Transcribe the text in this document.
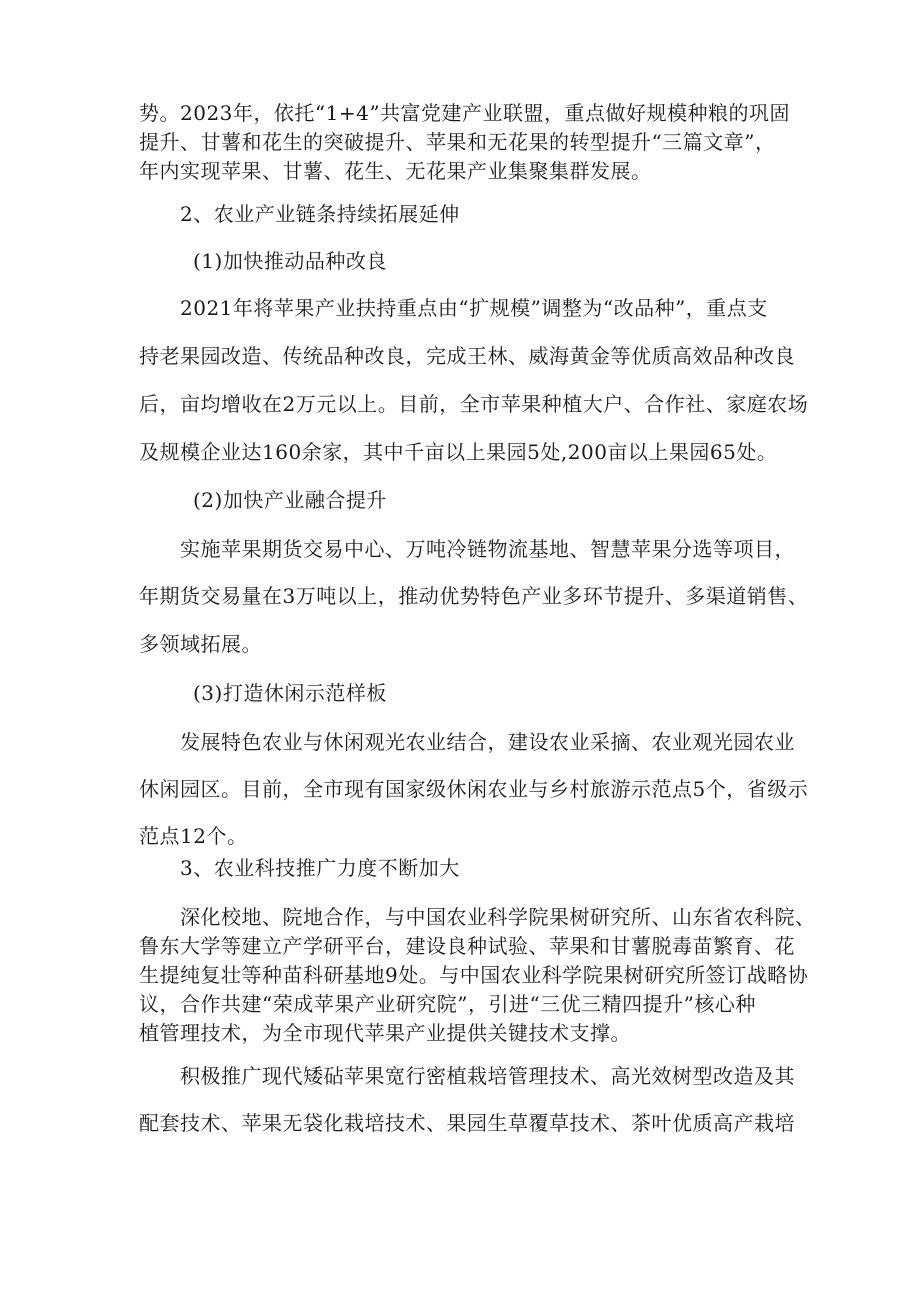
势。2023年，依托“1+4”共富党建产业联盟，重点做好规模种粮的巩固
提升、甘薯和花生的突破提升、苹果和无花果的转型提升“三篇文章”，
年内实现苹果、甘薯、花生、无花果产业集聚集群发展。
2、农业产业链条持续拓展延伸
(1)加快推动品种改良
2021年将苹果产业扶持重点由“扩规模”调整为“改品种”，重点支
持老果园改造、传统品种改良，完成王林、威海黄金等优质高效品种改良
后，亩均增收在2万元以上。目前，全市苹果种植大户、合作社、家庭农场
及规模企业达160余家，其中千亩以上果园5处,200亩以上果园65处。
(2)加快产业融合提升
实施苹果期货交易中心、万吨冷链物流基地、智慧苹果分选等项目，
年期货交易量在3万吨以上，推动优势特色产业多环节提升、多渠道销售、
多领域拓展。
(3)打造休闲示范样板
发展特色农业与休闲观光农业结合，建设农业采摘、农业观光园农业
休闲园区。目前，全市现有国家级休闲农业与乡村旅游示范点5个，省级示
范点12个。
3、农业科技推广力度不断加大
深化校地、院地合作，与中国农业科学院果树研究所、山东省农科院、
鲁东大学等建立产学研平台，建设良种试验、苹果和甘薯脱毒苗繁育、花
生提纯复壮等种苗科研基地9处。与中国农业科学院果树研究所签订战略协
议，合作共建“荣成苹果产业研究院”，引进“三优三精四提升”核心种
植管理技术，为全市现代苹果产业提供关键技术支撑。
积极推广现代矮砧苹果宽行密植栽培管理技术、高光效树型改造及其
配套技术、苹果无袋化栽培技术、果园生草覆草技术、茶叶优质高产栽培
